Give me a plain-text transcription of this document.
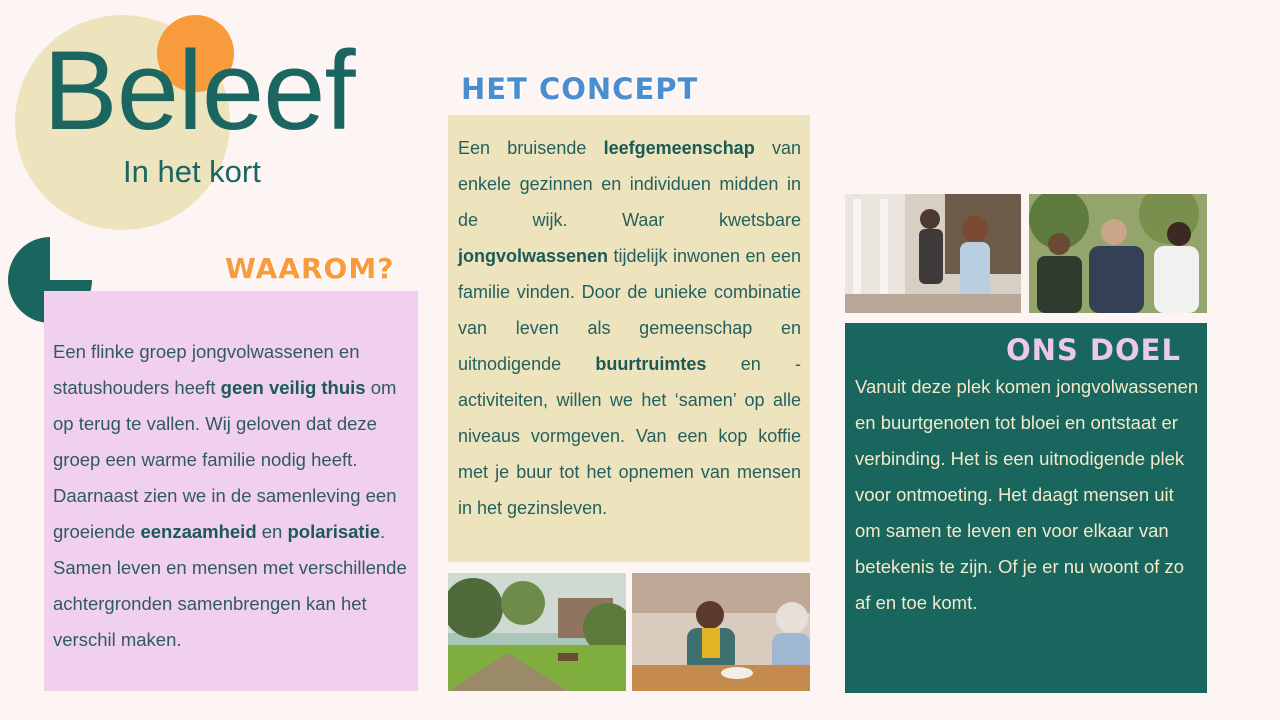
Beleef
In het kort
Een flinke groep jongvolwassenen en statushouders heeft geen veilig thuis om op terug te vallen. Wij geloven dat deze groep een warme familie nodig heeft. Daarnaast zien we in de samenleving een groeiende eenzaamheid en polarisatie. Samen leven en mensen met verschillende achtergronden samenbrengen kan het verschil maken.
WAAROM?
HET CONCEPT
Een bruisende leefgemeenschap van enkele gezinnen en individuen midden in de wijk. Waar kwetsbare jongvolwassenen tijdelijk inwonen en een familie vinden. Door de unieke combinatie van leven als gemeenschap en uitnodigende buurtruimtes en -activiteiten, willen we het ‘samen’ op alle niveaus vormgeven. Van een kop koffie met je buur tot het opnemen van mensen in het gezinsleven.
Vanuit deze plek komen jongvolwassenen en buurtgenoten tot bloei en ontstaat er verbinding. Het is een uitnodigende plek voor ontmoeting. Het daagt mensen uit om samen te leven en voor elkaar van betekenis te zijn. Of je er nu woont of zo af en toe komt.
ONS DOEL
